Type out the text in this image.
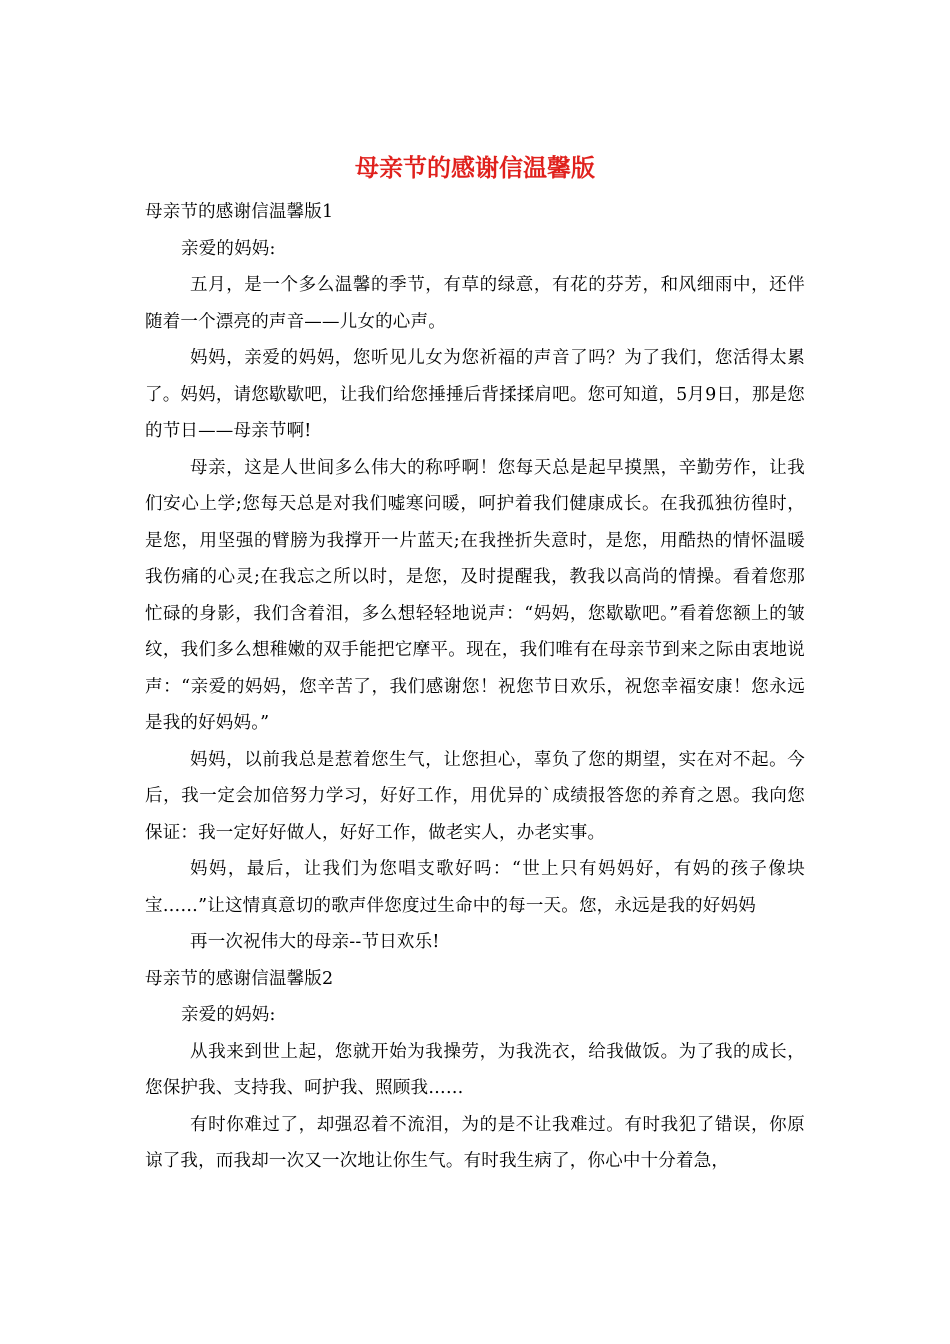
母亲节的感谢信温馨版

母亲节的感谢信温馨版1

亲爱的妈妈:

五月，是一个多么温馨的季节，有草的绿意，有花的芬芳，和风细雨中，还伴随着一个漂亮的声音——儿女的心声。

妈妈，亲爱的妈妈，您听见儿女为您祈福的声音了吗？为了我们，您活得太累了。妈妈，请您歇歇吧，让我们给您捶捶后背揉揉肩吧。您可知道，5月9日，那是您的节日——母亲节啊!

母亲，这是人世间多么伟大的称呼啊！您每天总是起早摸黑，辛勤劳作，让我们安心上学;您每天总是对我们嘘寒问暖，呵护着我们健康成长。在我孤独彷徨时，是您，用坚强的臂膀为我撑开一片蓝天;在我挫折失意时，是您，用酷热的情怀温暖我伤痛的心灵;在我忘之所以时，是您，及时提醒我，教我以高尚的情操。看着您那忙碌的身影，我们含着泪，多么想轻轻地说声：“妈妈，您歇歇吧。”看着您额上的皱纹，我们多么想稚嫩的双手能把它摩平。现在，我们唯有在母亲节到来之际由衷地说声：“亲爱的妈妈，您辛苦了，我们感谢您！祝您节日欢乐，祝您幸福安康！您永远是我的好妈妈。”

妈妈，以前我总是惹着您生气，让您担心，辜负了您的期望，实在对不起。今后，我一定会加倍努力学习，好好工作，用优异的`成绩报答您的养育之恩。我向您保证：我一定好好做人，好好工作，做老实人，办老实事。

妈妈，最后，让我们为您唱支歌好吗：“世上只有妈妈好，有妈的孩子像块宝……”让这情真意切的歌声伴您度过生命中的每一天。您，永远是我的好妈妈

再一次祝伟大的母亲--节日欢乐!

母亲节的感谢信温馨版2

亲爱的妈妈:

从我来到世上起，您就开始为我操劳，为我洗衣，给我做饭。为了我的成长，您保护我、支持我、呵护我、照顾我……

有时你难过了，却强忍着不流泪，为的是不让我难过。有时我犯了错误，你原谅了我，而我却一次又一次地让你生气。有时我生病了，你心中十分着急，
